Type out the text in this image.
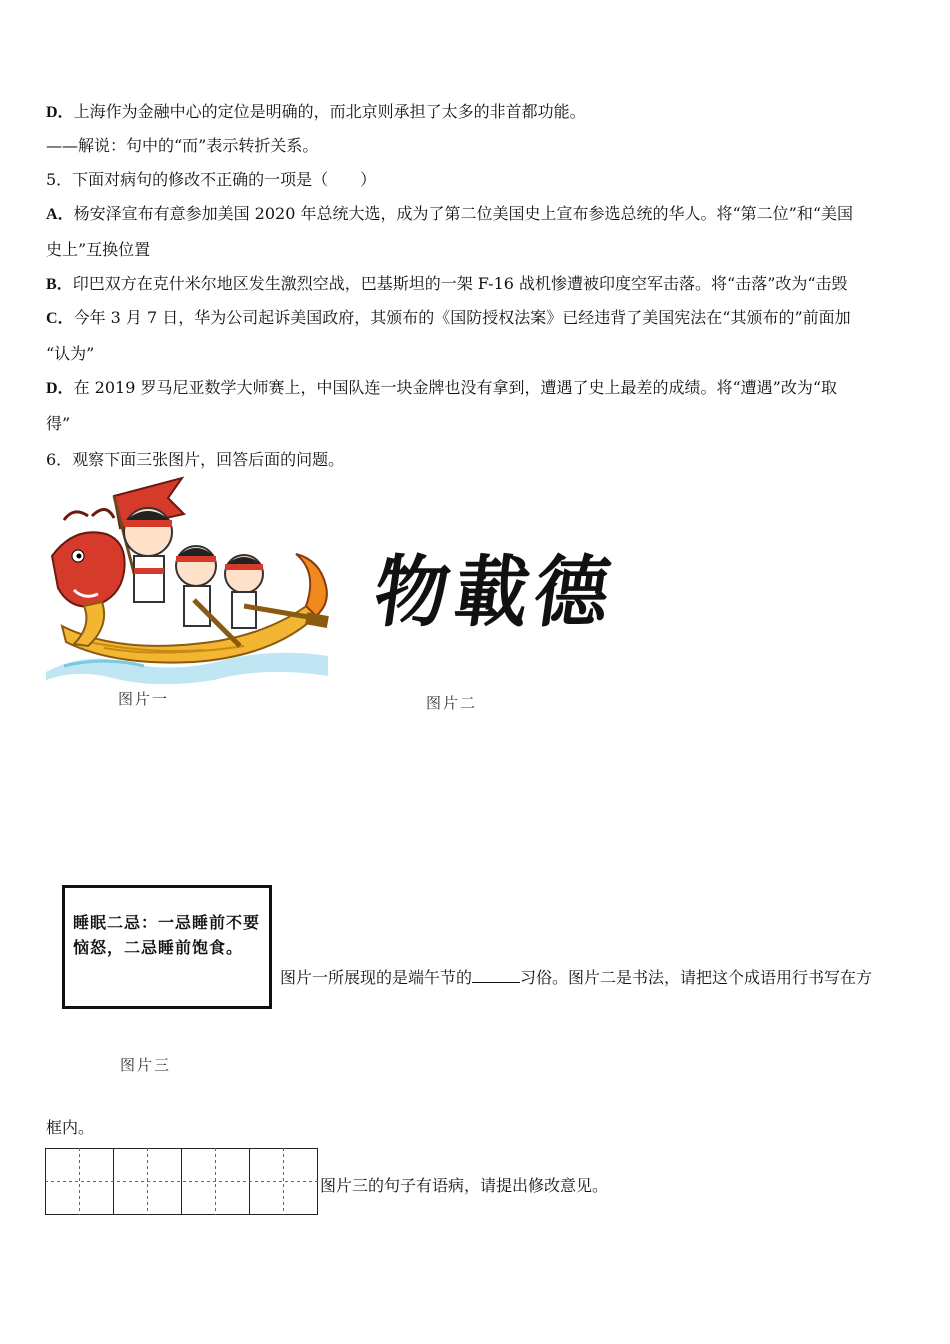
D．上海作为金融中心的定位是明确的，而北京则承担了太多的非首都功能。
——解说：句中的“而”表示转折关系。
5．下面对病句的修改不正确的一项是（　　）
A．杨安泽宣布有意参加美国 2020 年总统大选，成为了第二位美国史上宣布参选总统的华人。将“第二位”和“美国
史上”互换位置
B．印巴双方在克什米尔地区发生激烈空战，巴基斯坦的一架 F-16 战机惨遭被印度空军击落。将“击落”改为“击毁
C．今年 3 月 7 日，华为公司起诉美国政府，其颁布的《国防授权法案》已经违背了美国宪法在“其颁布的”前面加
“认为”
D．在 2019 罗马尼亚数学大师赛上，中国队连一块金牌也没有拿到，遭遇了史上最差的成绩。将“遭遇”改为“取
得”
6．观察下面三张图片，回答后面的问题。
图片一
物載德厚
图片二
睡眠二忌：一忌睡前不要恼怒，二忌睡前饱食。
图片三
图片一所展现的是端午节的	习俗。图片二是书法，请把这个成语用行书写在方
框内。
图片三的句子有语病，请提出修改意见。
